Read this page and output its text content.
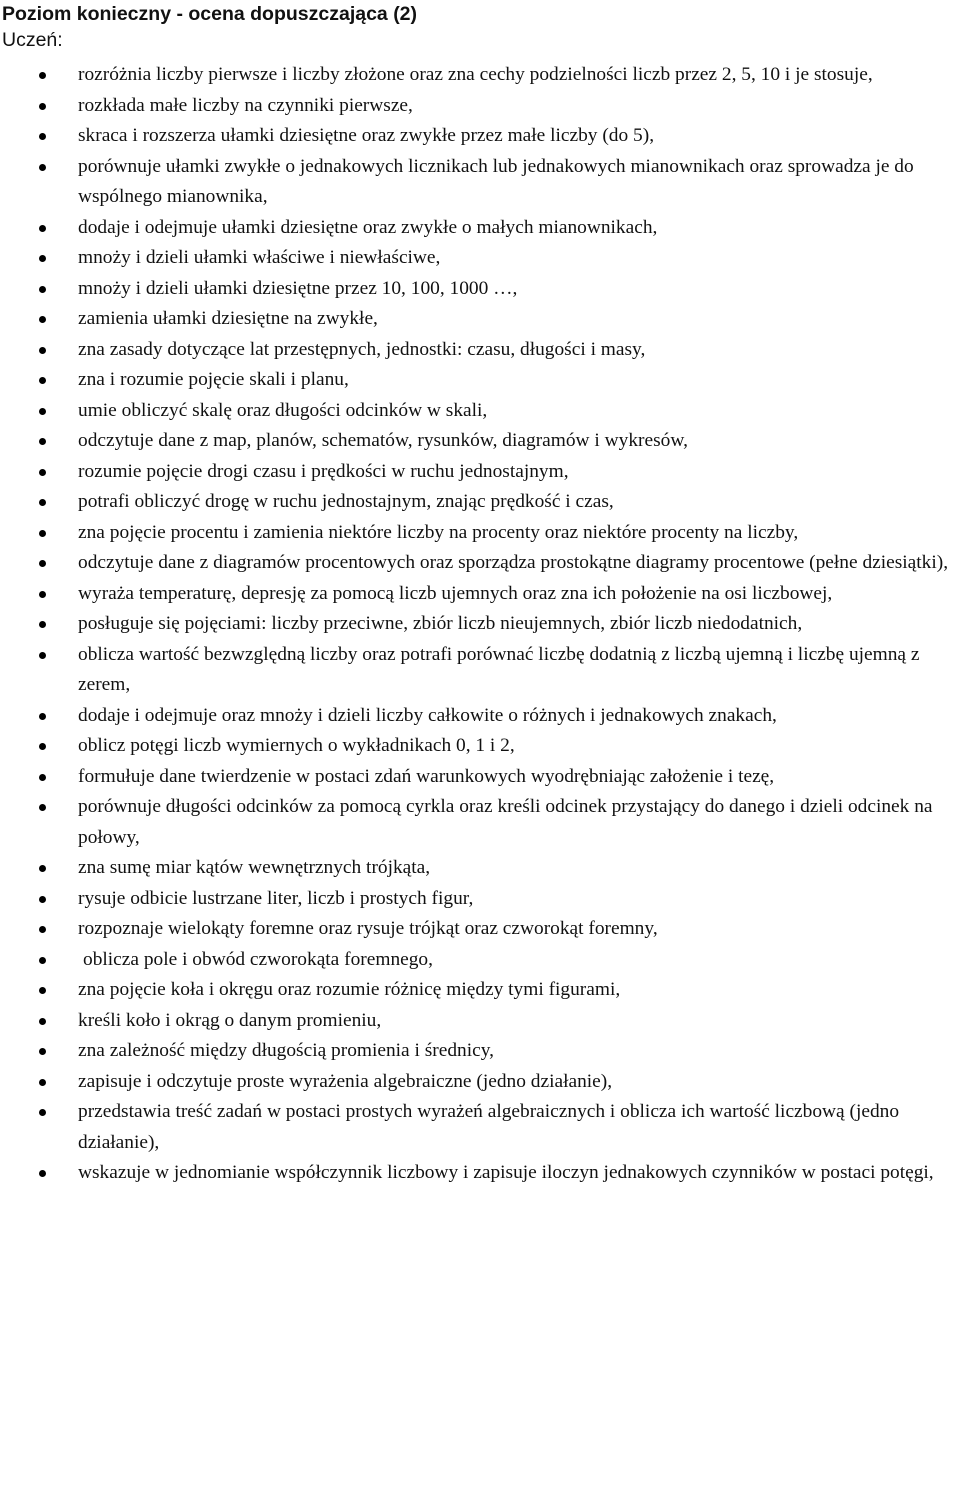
Poziom konieczny - ocena dopuszczająca (2)
Uczeń:
rozróżnia liczby pierwsze i liczby złożone oraz zna cechy podzielności liczb przez 2, 5, 10 i je stosuje,
rozkłada małe liczby na czynniki pierwsze,
skraca i rozszerza ułamki dziesiętne oraz zwykłe przez małe liczby (do 5),
porównuje ułamki zwykłe o jednakowych licznikach lub jednakowych mianownikach oraz sprowadza je do wspólnego mianownika,
dodaje i odejmuje ułamki dziesiętne oraz zwykłe o małych mianownikach,
mnoży i dzieli ułamki właściwe i niewłaściwe,
mnoży i dzieli ułamki dziesiętne przez 10, 100, 1000 …,
zamienia ułamki dziesiętne na zwykłe,
zna zasady dotyczące lat przestępnych, jednostki: czasu, długości i masy,
zna i rozumie pojęcie skali i planu,
umie obliczyć skalę oraz długości odcinków w skali,
odczytuje dane z map, planów, schematów, rysunków, diagramów i wykresów,
rozumie pojęcie drogi czasu i prędkości w ruchu jednostajnym,
potrafi obliczyć drogę w ruchu jednostajnym, znając prędkość i czas,
zna pojęcie procentu i zamienia niektóre liczby na procenty oraz niektóre procenty na liczby,
odczytuje dane z diagramów procentowych oraz sporządza prostokątne diagramy procentowe (pełne dziesiątki),
wyraża temperaturę, depresję za pomocą liczb ujemnych oraz zna ich położenie na osi liczbowej,
posługuje się pojęciami: liczby przeciwne, zbiór liczb nieujemnych, zbiór liczb niedodatnich,
oblicza wartość bezwzględną liczby oraz potrafi porównać liczbę dodatnią z liczbą ujemną i liczbę ujemną z zerem,
dodaje i odejmuje oraz mnoży i dzieli liczby całkowite o różnych i jednakowych znakach,
oblicz potęgi liczb wymiernych o wykładnikach 0, 1 i 2,
formułuje dane twierdzenie w postaci zdań warunkowych wyodrębniając założenie i tezę,
porównuje długości odcinków za pomocą cyrkla oraz kreśli odcinek przystający do danego i dzieli odcinek na połowy,
zna sumę miar kątów wewnętrznych trójkąta,
rysuje odbicie lustrzane liter, liczb i prostych figur,
rozpoznaje wielokąty foremne oraz rysuje trójkąt oraz czworokąt foremny,
oblicza pole i obwód czworokąta foremnego,
zna pojęcie koła i okręgu oraz rozumie różnicę między tymi figurami,
kreśli koło i okrąg o danym promieniu,
zna zależność między długością promienia i średnicy,
zapisuje i odczytuje proste wyrażenia algebraiczne (jedno działanie),
przedstawia treść zadań w postaci prostych wyrażeń algebraicznych i oblicza ich wartość liczbową (jedno działanie),
wskazuje w jednomianie współczynnik liczbowy i zapisuje iloczyn jednakowych czynników w postaci potęgi,
